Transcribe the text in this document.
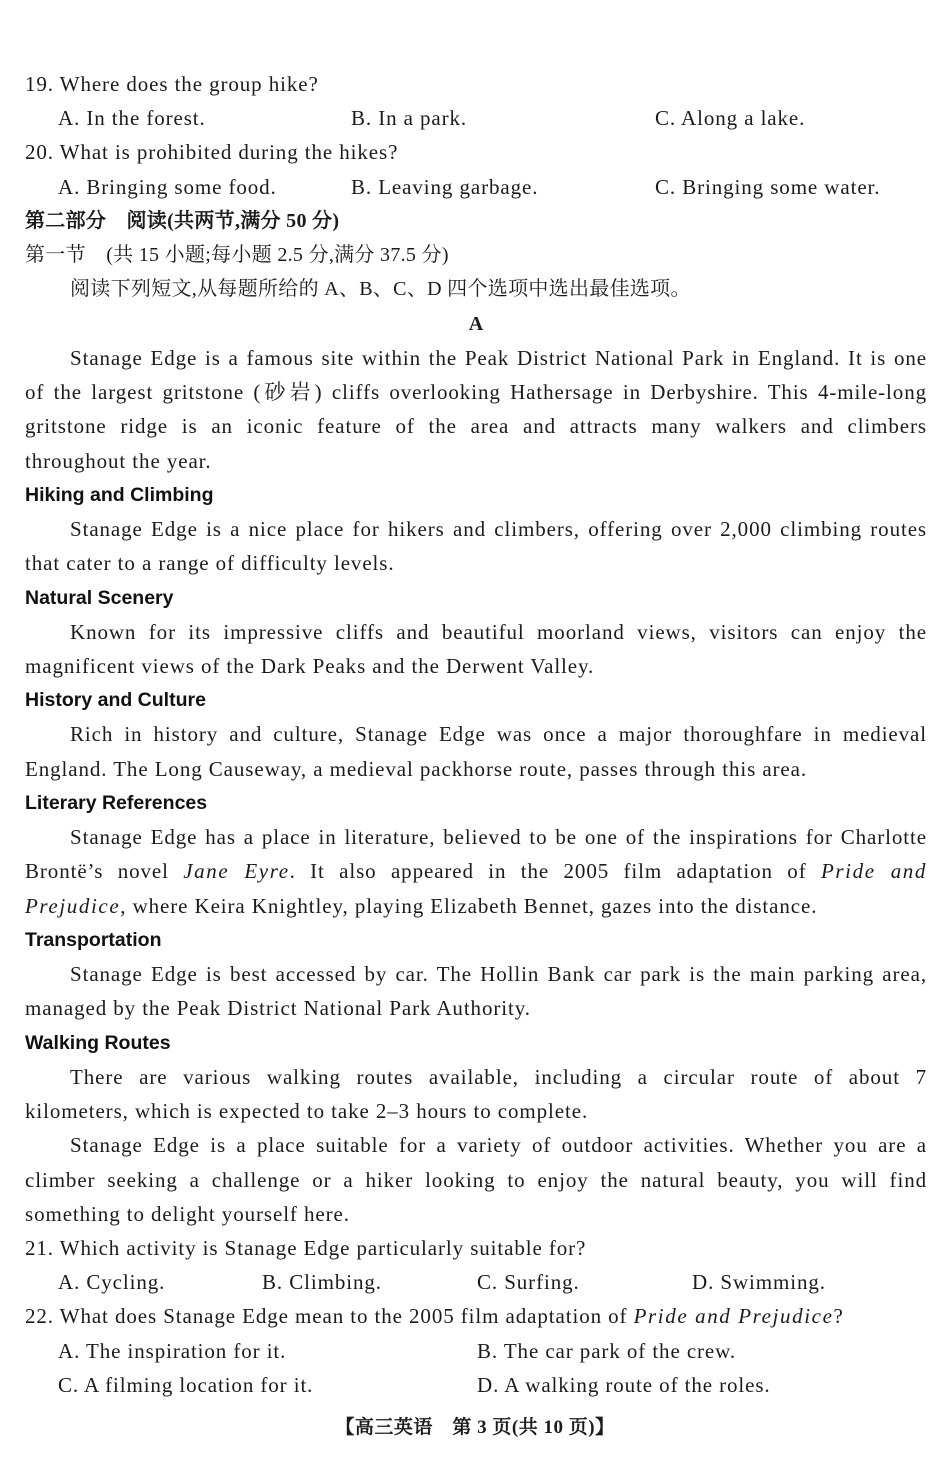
19. Where does the group hike?
A. In the forest.	B. In a park.	C. Along a lake.
20. What is prohibited during the hikes?
A. Bringing some food.	B. Leaving garbage.	C. Bringing some water.
第二部分　阅读(共两节,满分 50 分)
第一节　(共 15 小题;每小题 2.5 分,满分 37.5 分)
阅读下列短文,从每题所给的 A、B、C、D 四个选项中选出最佳选项。
A
Stanage Edge is a famous site within the Peak District National Park in England. It is one
of the largest gritstone (砂岩) cliffs overlooking Hathersage in Derbyshire. This 4-mile-long
gritstone ridge is an iconic feature of the area and attracts many walkers and climbers
throughout the year.
Hiking and Climbing
Stanage Edge is a nice place for hikers and climbers, offering over 2,000 climbing routes
that cater to a range of difficulty levels.
Natural Scenery
Known for its impressive cliffs and beautiful moorland views, visitors can enjoy the
magnificent views of the Dark Peaks and the Derwent Valley.
History and Culture
Rich in history and culture, Stanage Edge was once a major thoroughfare in medieval
England. The Long Causeway, a medieval packhorse route, passes through this area.
Literary References
Stanage Edge has a place in literature, believed to be one of the inspirations for Charlotte
Brontë’s novel Jane Eyre. It also appeared in the 2005 film adaptation of Pride and
Prejudice, where Keira Knightley, playing Elizabeth Bennet, gazes into the distance.
Transportation
Stanage Edge is best accessed by car. The Hollin Bank car park is the main parking area,
managed by the Peak District National Park Authority.
Walking Routes
There are various walking routes available, including a circular route of about 7
kilometers, which is expected to take 2–3 hours to complete.
Stanage Edge is a place suitable for a variety of outdoor activities. Whether you are a
climber seeking a challenge or a hiker looking to enjoy the natural beauty, you will find
something to delight yourself here.
21. Which activity is Stanage Edge particularly suitable for?
A. Cycling.	B. Climbing.	C. Surfing.	D. Swimming.
22. What does Stanage Edge mean to the 2005 film adaptation of Pride and Prejudice?
A. The inspiration for it.	B. The car park of the crew.
C. A filming location for it.	D. A walking route of the roles.
【高三英语　第 3 页(共 10 页)】
